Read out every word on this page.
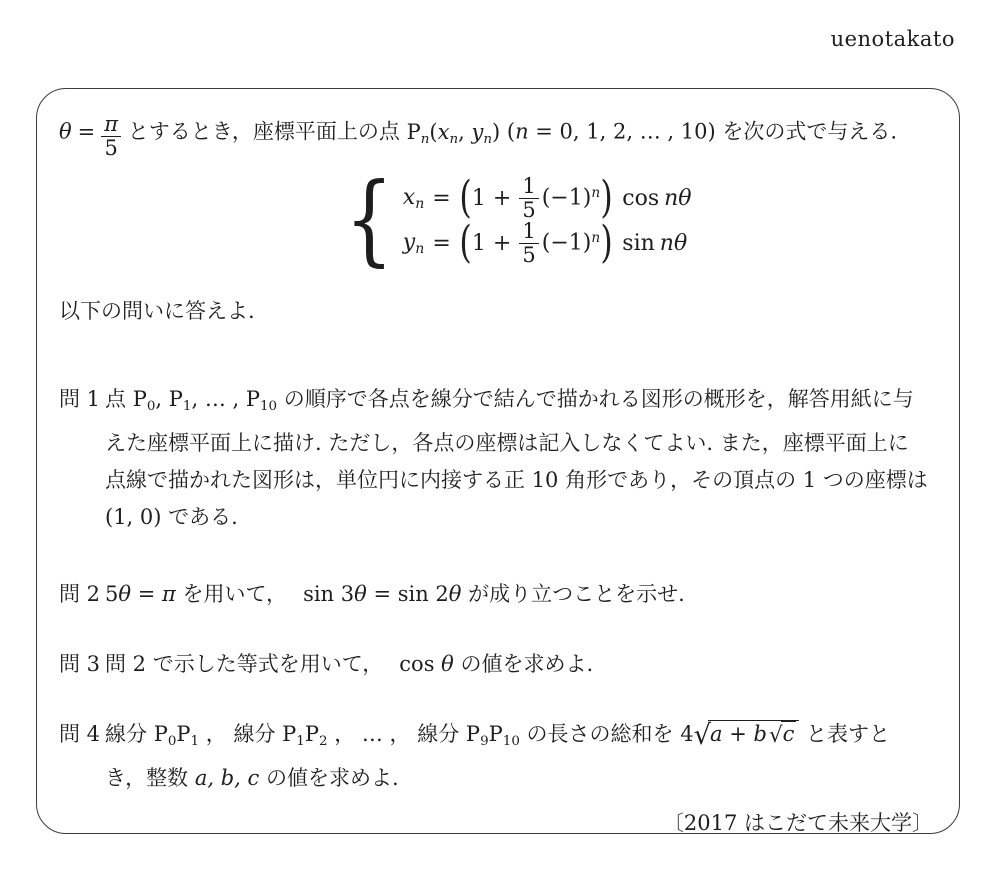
uenotakato
$\theta = \frac{\pi}{5}$ とするとき，座標平面上の点 Pn(xn, yn) (n = 0, 1, 2, … , 10) を次の式で与える.
{ xn = ( $1 + \frac{1}{5} (-1)^n$ ) cos nθ
yn = ( $1 + \frac{1}{5} (-1)^n$ ) sin nθ
以下の問いに答えよ.
問 1 点 P0, P1, … , P10 の順序で各点を線分で結んで描かれる図形の概形を，解答用紙に与
えた座標平面上に描け. ただし，各点の座標は記入しなくてよい. また，座標平面上に
点線で描かれた図形は，単位円に内接する正 10 角形であり，その頂点の 1 つの座標は
(1, 0) である.
問 2 5θ = π を用いて， sin 3θ = sin 2θ が成り立つことを示せ.
問 3 問 2 で示した等式を用いて， cos θ の値を求めよ.
問 4 線分 P0P1 ， 線分 P1P2 ， … ， 線分 P9P10 の長さの総和を 4√a + b√c と表すと
き，整数 a, b, c の値を求めよ.
〔2017 はこだて未来大学〕
